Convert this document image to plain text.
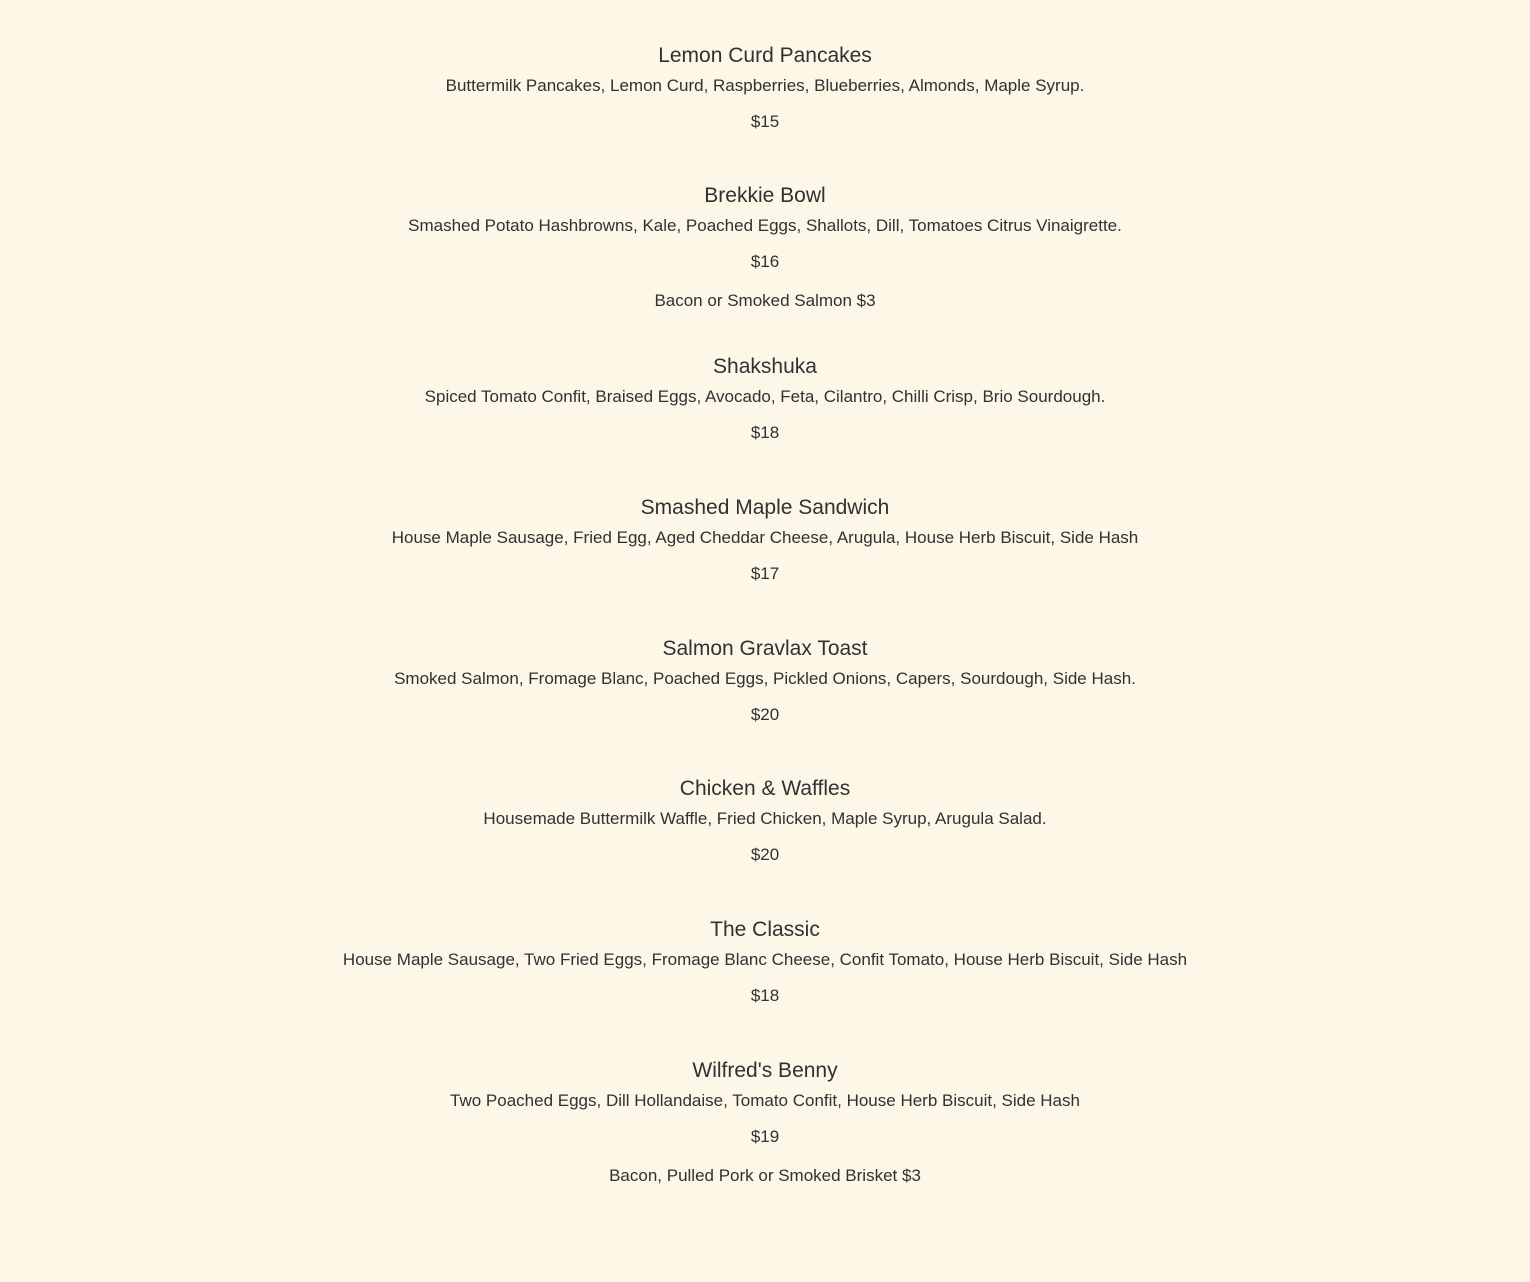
Lemon Curd Pancakes
Buttermilk Pancakes, Lemon Curd, Raspberries, Blueberries, Almonds, Maple Syrup.
$15
Brekkie Bowl
Smashed Potato Hashbrowns, Kale, Poached Eggs, Shallots, Dill, Tomatoes Citrus Vinaigrette.
$16
Bacon or Smoked Salmon $3
Shakshuka
Spiced Tomato Confit, Braised Eggs, Avocado, Feta, Cilantro, Chilli Crisp, Brio Sourdough.
$18
Smashed Maple Sandwich
House Maple Sausage, Fried Egg, Aged Cheddar Cheese, Arugula, House Herb Biscuit, Side Hash
$17
Salmon Gravlax Toast
Smoked Salmon, Fromage Blanc, Poached Eggs, Pickled Onions, Capers, Sourdough, Side Hash.
$20
Chicken & Waffles
Housemade Buttermilk Waffle, Fried Chicken, Maple Syrup, Arugula Salad.
$20
The Classic
House Maple Sausage, Two Fried Eggs, Fromage Blanc Cheese, Confit Tomato, House Herb Biscuit, Side Hash
$18
Wilfred's Benny
Two Poached Eggs, Dill Hollandaise, Tomato Confit, House Herb Biscuit, Side Hash
$19
Bacon, Pulled Pork or Smoked Brisket $3
